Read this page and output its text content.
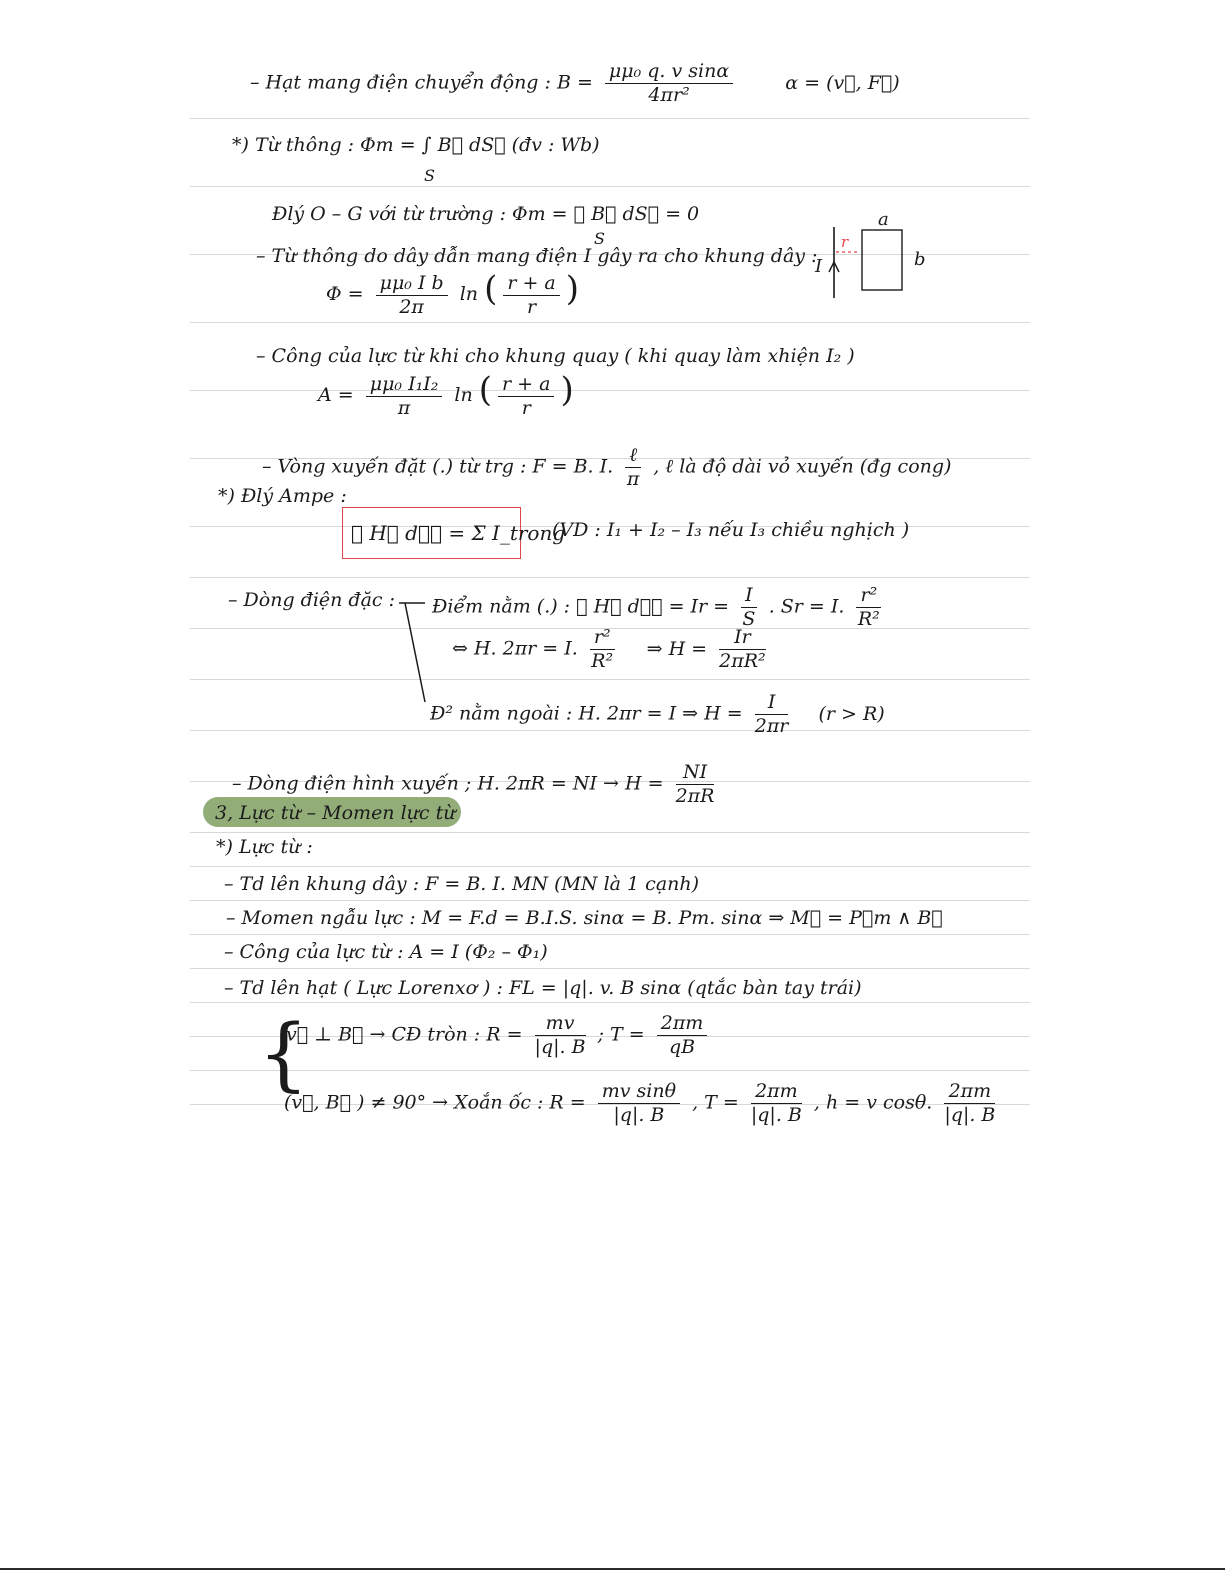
– Hạt mang điện chuyển động : $B = \frac{\text{μμ₀ q. v sinα}}{\text{4πr²}}$	α = (v⃗, F⃗)
*) Từ thông : Φm = ∫ B⃗ dS⃗ (đv : Wb)
S
Đlý O – G với từ trường : Φm = ∮ B⃗ dS⃗ = 0
S
– Từ thông do dây dẫn mang điện I gây ra cho khung dây :
$\Phi = \frac{\text{μμ₀ I b}}{2\pi}$ ln ( $\frac{r + a}{r}$ )
a
b
r
I
– Công của lực từ khi cho khung quay ( khi quay làm xhiện I₂ )
$A = \frac{\text{μμ₀ I₁I₂}}{\pi}$ ln ( $\frac{r + a}{r}$ )
– Vòng xuyến đặt (.) từ trg : F = B. I. $\frac{\text{ℓ}}{\pi}$ , ℓ là độ dài vỏ xuyến (đg cong)
*) Đlý Ampe :
∮ H⃗ dℓ⃗ = Σ I_trong
(VD : I₁ + I₂ – I₃ nếu I₃ chiều nghịch )
– Dòng điện đặc : Điểm nằm (.) : ∮ H⃗ dℓ⃗ = $Ir = \frac{I}{S}$ . Sr = I. $\frac{\text{r²}}{\text{R²}}$
⇔ H. 2πr = I. $\frac{\text{r²}}{\text{R²}}$ ⇒ $H = \frac{Ir}{\text{2πR²}}$
Đ² nằm ngoài : H. 2πr = I ⇒ $H = \frac{I}{2\pi r} (r > R)$
– Dòng điện hình xuyến ; H. 2πR = NI → $H = \frac{NI}{2\pi R}$
3, Lực từ – Momen lực từ
*) Lực từ :
– Td lên khung dây : F = B. I. MN (MN là 1 cạnh)
– Momen ngẫu lực : M = F.d = B.I.S. sinα = B. Pm. sinα ⇒ M⃗ = P⃗m ∧ B⃗
– Công của lực từ : A = I (Φ₂ – Φ₁)
– Td lên hạt ( Lực Lorenxơ ) : FL = |q|. v. B sinα (qtắc bàn tay trái)
{
v⃗ ⊥ B⃗ → CĐ tròn : $R = \frac{mv}{|q|. B}$ ; $T = \frac{2\pi m}{qB}$
(v⃗, B⃗ ) ≠ 90° → Xoắn ốc : $R = \frac{\text{mv sinθ}}{|q|. B}$ , $T = \frac{2\pi m}{|q|. B}$ , h = v cosθ. $\frac{2\pi m}{|q|. B}$
